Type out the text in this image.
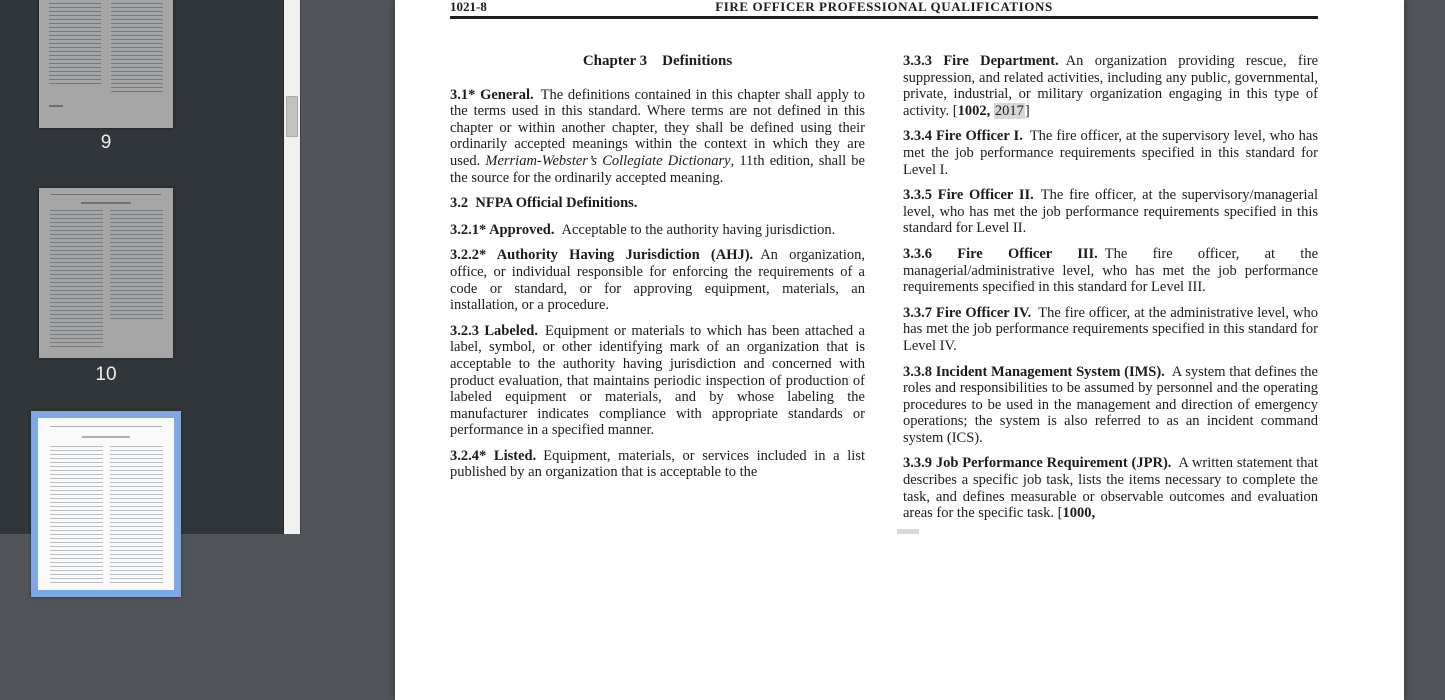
9
10
1021-8	FIRE OFFICER PROFESSIONAL QUALIFICATIONS

Chapter 3  Definitions

3.1* General. The definitions contained in this chapter shall apply to the terms used in this standard. Where terms are not defined in this chapter or within another chapter, they shall be defined using their ordinarily accepted meanings within the context in which they are used. Merriam-Webster’s Collegiate Dictionary, 11th edition, shall be the source for the ordinarily accepted meaning.

3.2  NFPA Official Definitions.

3.2.1* Approved. Acceptable to the authority having jurisdiction.

3.2.2* Authority Having Jurisdiction (AHJ). An organization, office, or individual responsible for enforcing the requirements of a code or standard, or for approving equipment, materials, an installation, or a procedure.

3.2.3 Labeled. Equipment or materials to which has been attached a label, symbol, or other identifying mark of an organization that is acceptable to the authority having jurisdiction and concerned with product evaluation, that maintains periodic inspection of production of labeled equipment or materials, and by whose labeling the manufacturer indicates compliance with appropriate standards or performance in a specified manner.

3.2.4* Listed. Equipment, materials, or services included in a list published by an organization that is acceptable to the

3.3.3 Fire Department. An organization providing rescue, fire suppression, and related activities, including any public, governmental, private, industrial, or military organization engaging in this type of activity. [1002, 2017]

3.3.4 Fire Officer I. The fire officer, at the supervisory level, who has met the job performance requirements specified in this standard for Level I.

3.3.5 Fire Officer II. The fire officer, at the supervisory/managerial level, who has met the job performance requirements specified in this standard for Level II.

3.3.6 Fire Officer III. The fire officer, at the managerial/administrative level, who has met the job performance requirements specified in this standard for Level III.

3.3.7 Fire Officer IV. The fire officer, at the administrative level, who has met the job performance requirements specified in this standard for Level IV.

3.3.8 Incident Management System (IMS). A system that defines the roles and responsibilities to be assumed by personnel and the operating procedures to be used in the management and direction of emergency operations; the system is also referred to as an incident command system (ICS).

3.3.9 Job Performance Requirement (JPR). A written statement that describes a specific job task, lists the items necessary to complete the task, and defines measurable or observable outcomes and evaluation areas for the specific task. [1000,
